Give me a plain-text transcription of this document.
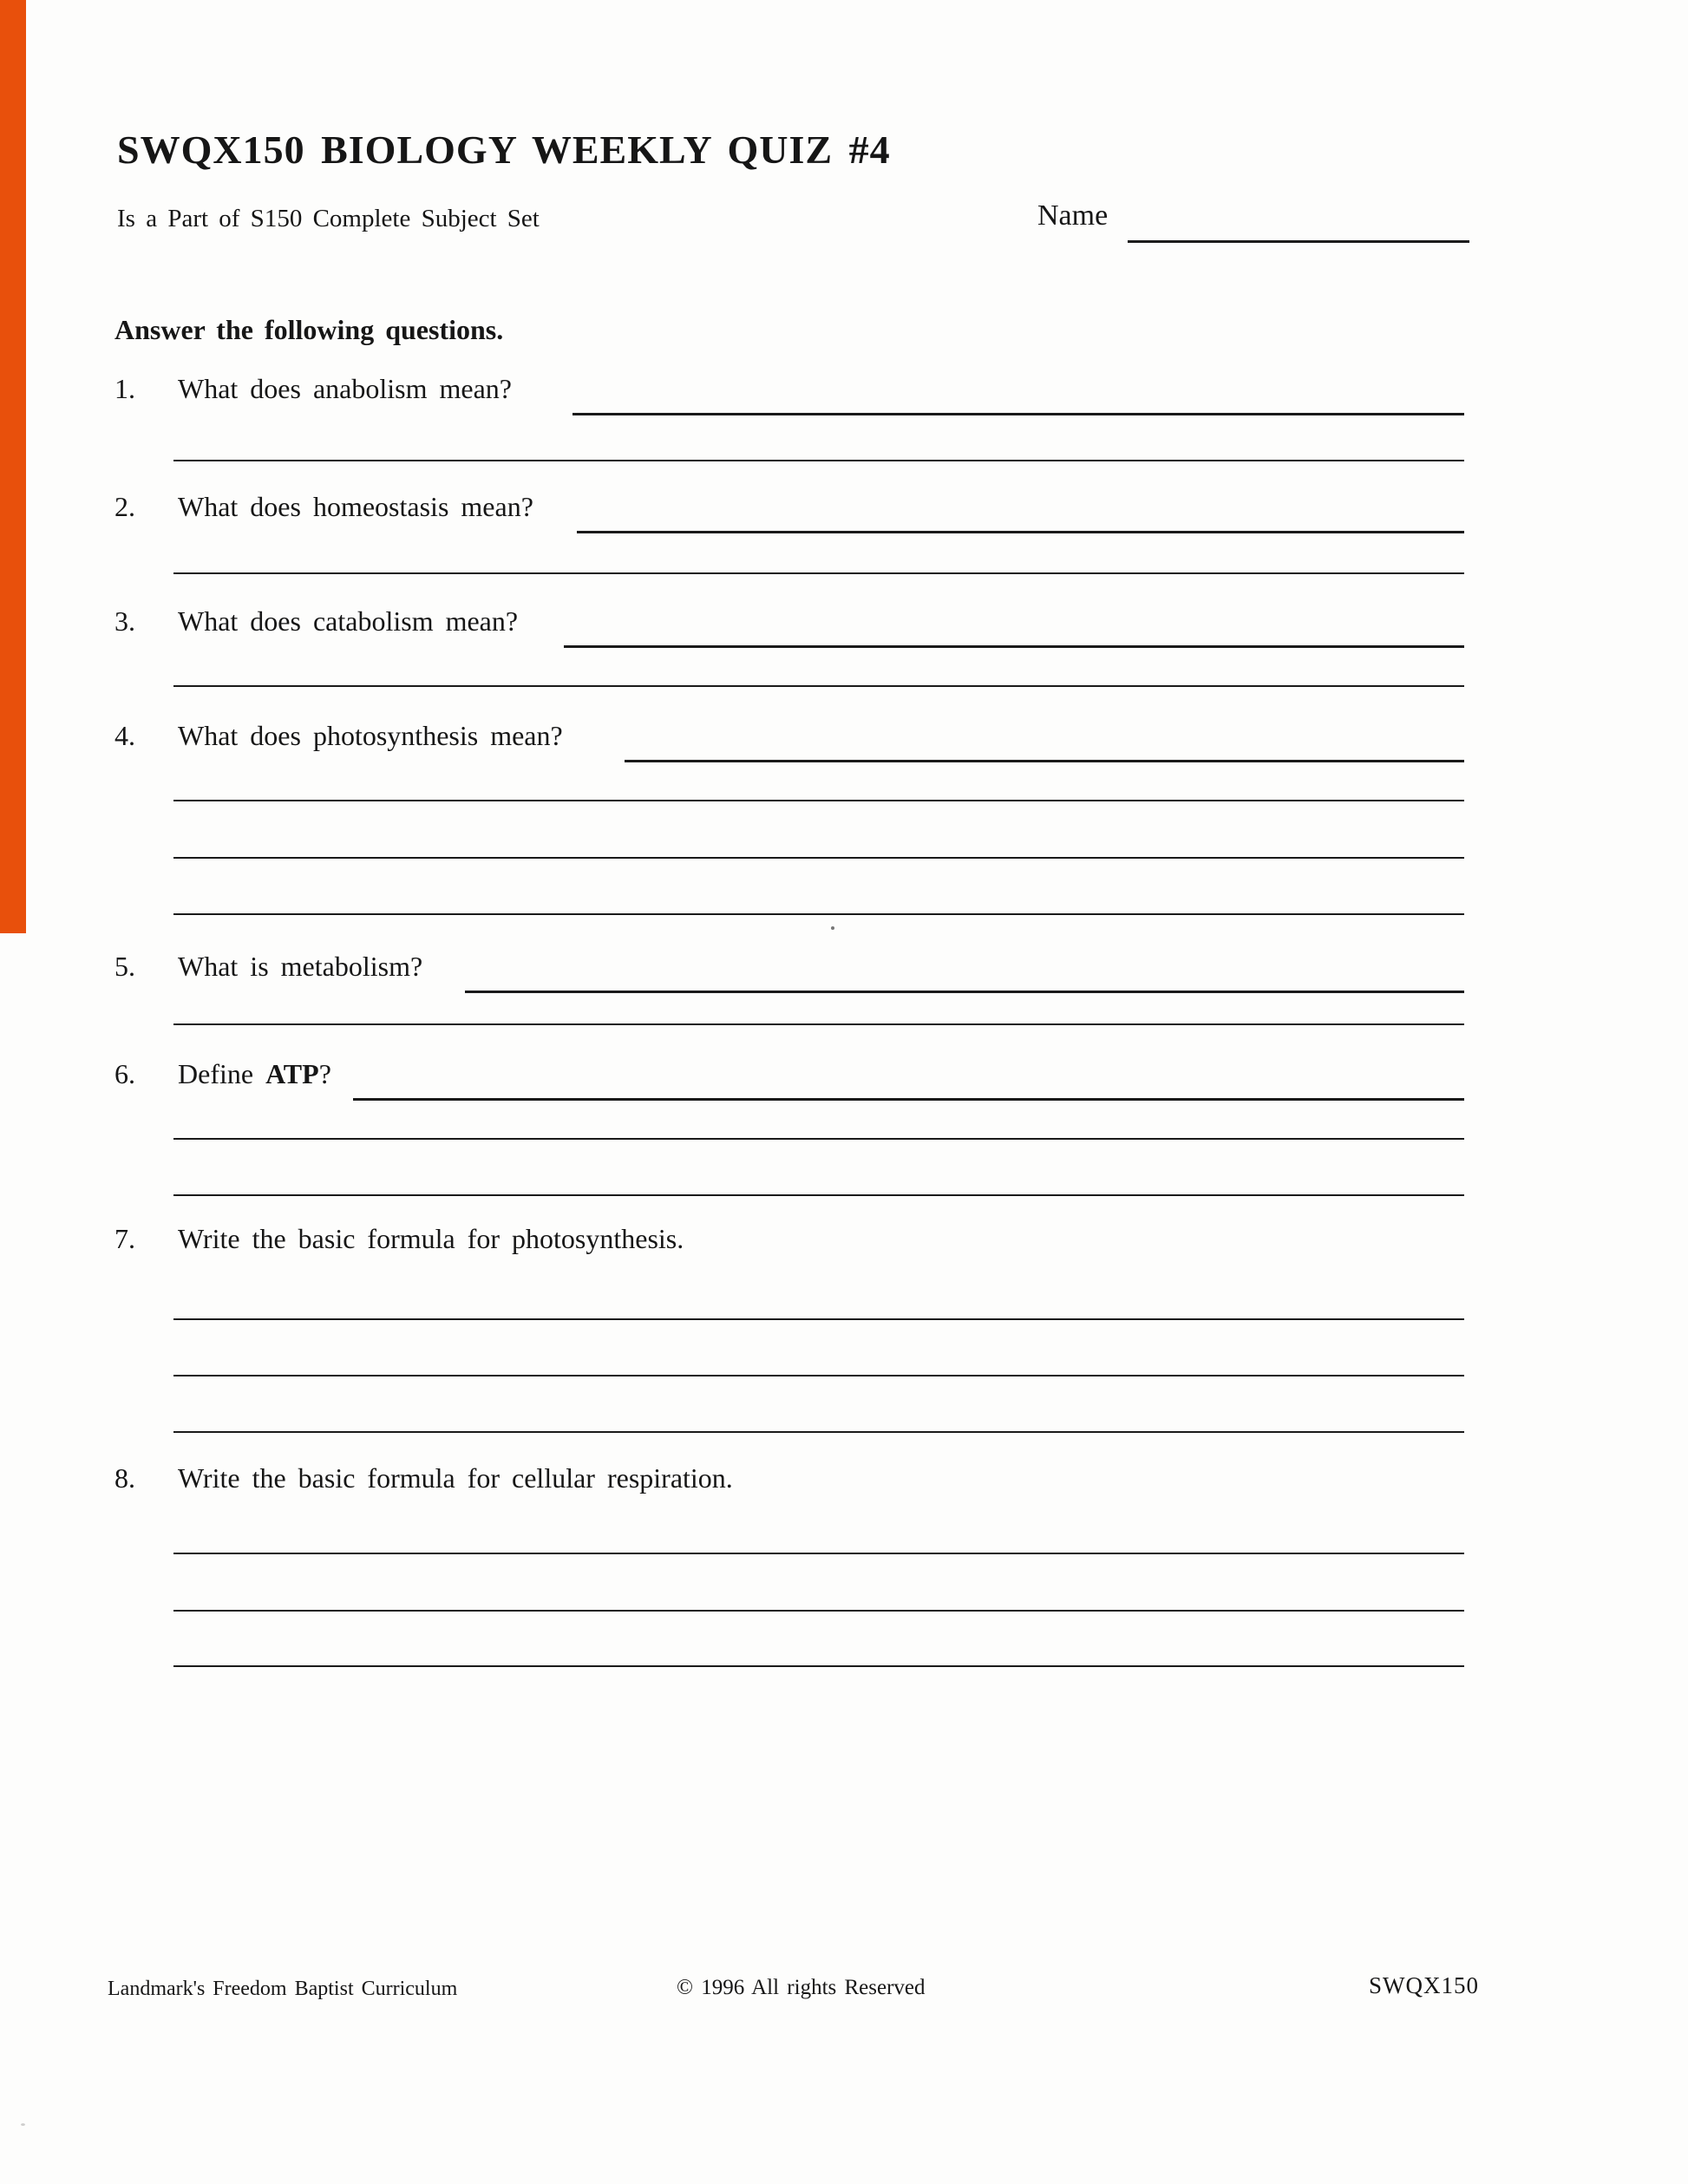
SWQX150 BIOLOGY WEEKLY QUIZ #4
Is a Part of S150 Complete Subject Set	Name
Answer the following questions.
1. What does anabolism mean?
2. What does homeostasis mean?
3. What does catabolism mean?
4. What does photosynthesis mean?
5. What is metabolism?
6. Define ATP?
7. Write the basic formula for photosynthesis.
8. Write the basic formula for cellular respiration.
Landmark's Freedom Baptist Curriculum	© 1996 All rights Reserved	SWQX150
